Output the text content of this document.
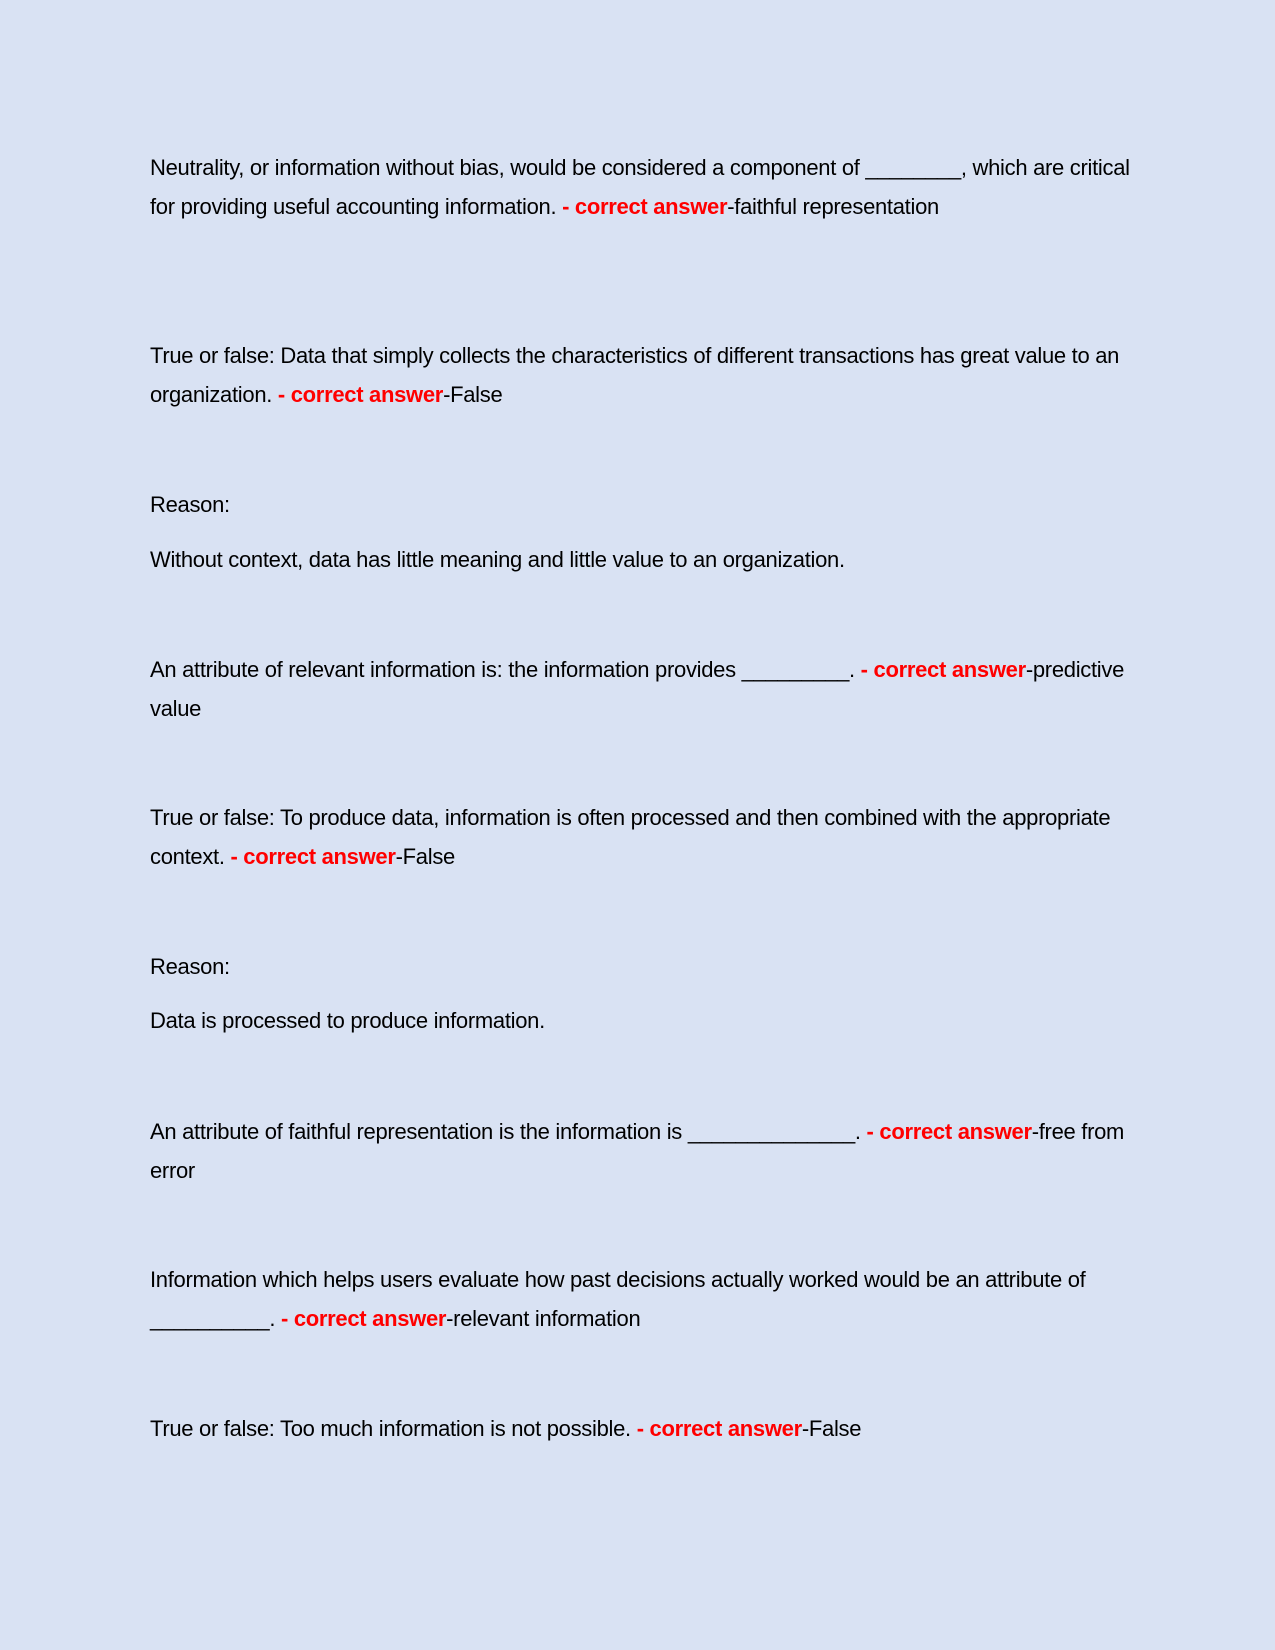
Neutrality, or information without bias, would be considered a component of ________, which are critical for providing useful accounting information. - correct answer-faithful representation
True or false: Data that simply collects the characteristics of different transactions has great value to an organization. - correct answer-False
Reason:
Without context, data has little meaning and little value to an organization.
An attribute of relevant information is: the information provides _________. - correct answer-predictive value
True or false: To produce data, information is often processed and then combined with the appropriate context. - correct answer-False
Reason:
Data is processed to produce information.
An attribute of faithful representation is the information is ______________. - correct answer-free from error
Information which helps users evaluate how past decisions actually worked would be an attribute of __________. - correct answer-relevant information
True or false: Too much information is not possible. - correct answer-False
